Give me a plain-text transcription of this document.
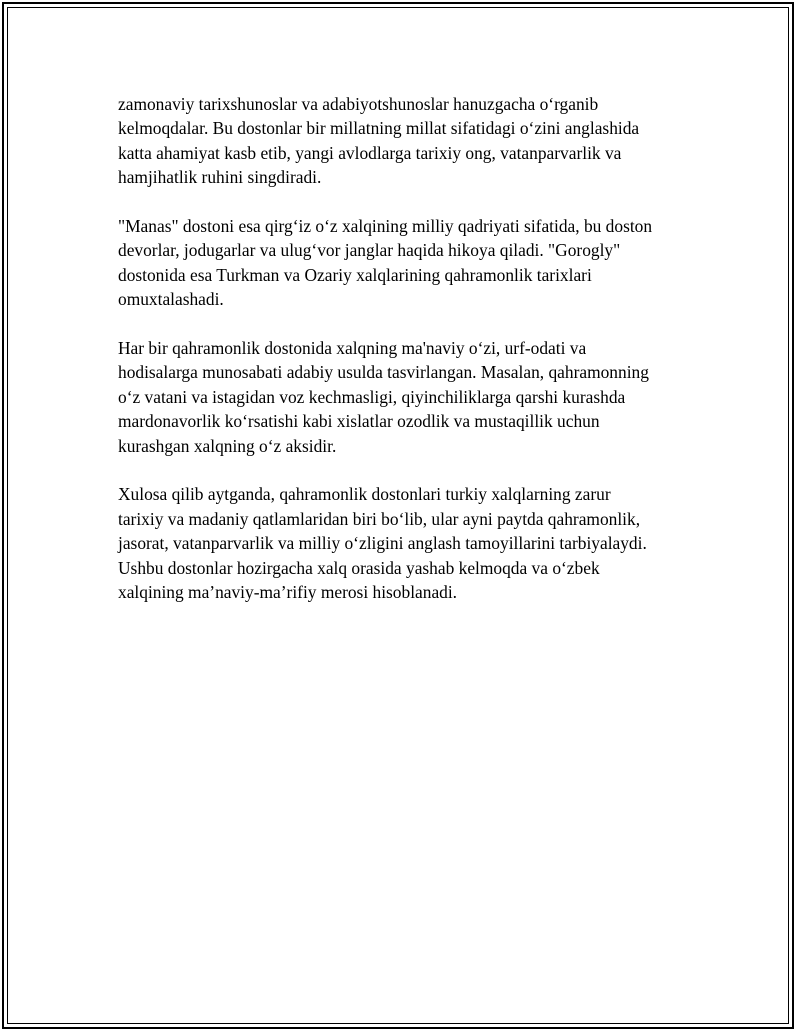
zamonaviy tarixshunoslar va adabiyotshunoslar hanuzgacha o‘rganib
kelmoqdalar. Bu dostonlar bir millatning millat sifatidagi o‘zini anglashida
katta ahamiyat kasb etib, yangi avlodlarga tarixiy ong, vatanparvarlik va
hamjihatlik ruhini singdiradi.

"Manas" dostoni esa qirg‘iz o‘z xalqining milliy qadriyati sifatida, bu doston
devorlar, jodugarlar va ulug‘vor janglar haqida hikoya qiladi. "Gorogly"
dostonida esa Turkman va Ozariy xalqlarining qahramonlik tarixlari
omuxtalashadi.

Har bir qahramonlik dostonida xalqning ma'naviy o‘zi, urf-odati va
hodisalarga munosabati adabiy usulda tasvirlangan. Masalan, qahramonning
o‘z vatani va istagidan voz kechmasligi, qiyinchiliklarga qarshi kurashda
mardonavorlik ko‘rsatishi kabi xislatlar ozodlik va mustaqillik uchun
kurashgan xalqning o‘z aksidir.

Xulosa qilib aytganda, qahramonlik dostonlari turkiy xalqlarning zarur
tarixiy va madaniy qatlamlaridan biri bo‘lib, ular ayni paytda qahramonlik,
jasorat, vatanparvarlik va milliy o‘zligini anglash tamoyillarini tarbiyalaydi.
Ushbu dostonlar hozirgacha xalq orasida yashab kelmoqda va o‘zbek
xalqining ma’naviy-ma’rifiy merosi hisoblanadi.
